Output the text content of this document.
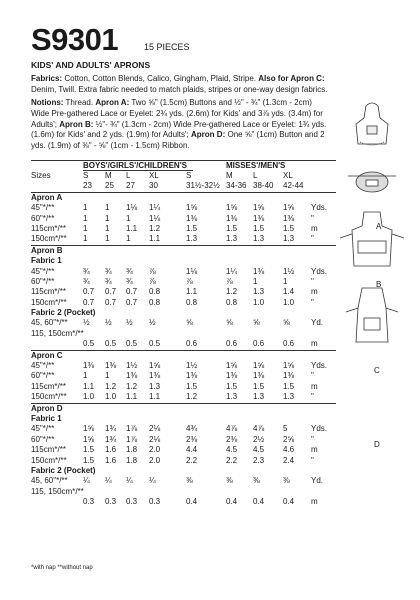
S9301	15 PIECES
KIDS' AND ADULTS' APRONS
Fabrics: Cotton, Cotton Blends, Calico, Gingham, Plaid, Stripe. Also for Apron C: Denim, Twill. Extra fabric needed to match plaids, stripes or one-way design fabrics.
Notions: Thread. Apron A: Two ⅝" (1.5cm) Buttons and ½" - ¾" (1.3cm - 2cm) Wide Pre-gathered Lace or Eyelet: 2¾ yds. (2.6m) for Kids' and 3⅞ yds. (3.4m) for Adults'; Apron B: ½"- ¾" (1.3cm - 2cm) Wide Pre-gathered Lace or Eyelet: 1¾ yds. (1.6m) for Kids' and 2 yds. (1.9m) for Adults'; Apron D: One ⅝" (1cm) Button and 2 yds. (1.9m) of ⅜" - ⅝" (1cm - 1.5cm) Ribbon.
BOYS'/GIRLS'/CHILDREN'S	MISSES'/MEN'S
Sizes	S M L XL	S	M	L	XL
23 25 27 30	31½-32½ 34-36 38-40 42-44
Apron A
45"*/**	1 1 1⅛ 1¼	1⅝	1⅝ 1⅝ 1⅝ Yds.
60"*/**	1 1 1 1⅛	1⅜	1⅜ 1⅜ 1⅜ "
115cm*/** 1 1 1.1 1.2	1.5	1.5 1.5 1.5 m
150cm*/** 1 1 1 1.1	1.3	1.3 1.3 1.3 "
Apron B
Fabric 1
45"*/**	¾ ¾ ¾ ⅞	1⅛	1¼ 1⅜ 1½ Yds.
60"*/**	¾ ¾ ¾ ⅞	⅞	⅞	1	1	"
115cm*/** 0.7 0.7 0.7 0.8	1.1	1.2 1.3 1.4 m
150cm*/** 0.7 0.7 0.7 0.8	0.8	0.8 1.0 1.0 "
Fabric 2 (Pocket)
45, 60"*/** ½ ½ ½ ½	⅝	⅝	⅝	⅝	Yd.
115, 150cm*/**
0.5 0.5 0.5 0.5	0.6	0.6 0.6 0.6 m
Apron C
45"*/**	1⅜ 1⅜ 1½ 1⅝	1½	1⅝ 1⅝ 1⅝ Yds.
60"*/**	1 1 1⅜ 1⅜	1⅜	1⅜ 1⅜ 1⅜ "
115cm*/** 1.1 1.2 1.2 1.3	1.5	1.5 1.5 1.5 m
150cm*/** 1.0 1.0 1.1 1.1	1.2	1.3 1.3 1.3 "
Apron D
Fabric 1
45"*/**	1⅝ 1¾ 1⅞ 2⅛	4¾	4⅞ 4⅞ 5	Yds.
60"*/**	1⅝ 1¾ 1⅞ 2⅛	2⅜	2⅜ 2½ 2⅝ "
115cm*/** 1.5 1.6 1.8 2.0	4.4	4.5 4.5 4.6 m
150cm*/** 1.5 1.6 1.8 2.0	2.2	2.2 2.3 2.4 "
Fabric 2 (Pocket)
45, 60"*/** ¼ ¼ ¼ ¼	⅜	⅜	⅜	⅜	Yd.
115, 150cm*/**
0.3 0.3 0.3 0.3	0.4	0.4 0.4 0.4 m
*with nap **without nap
A
B
C
D
